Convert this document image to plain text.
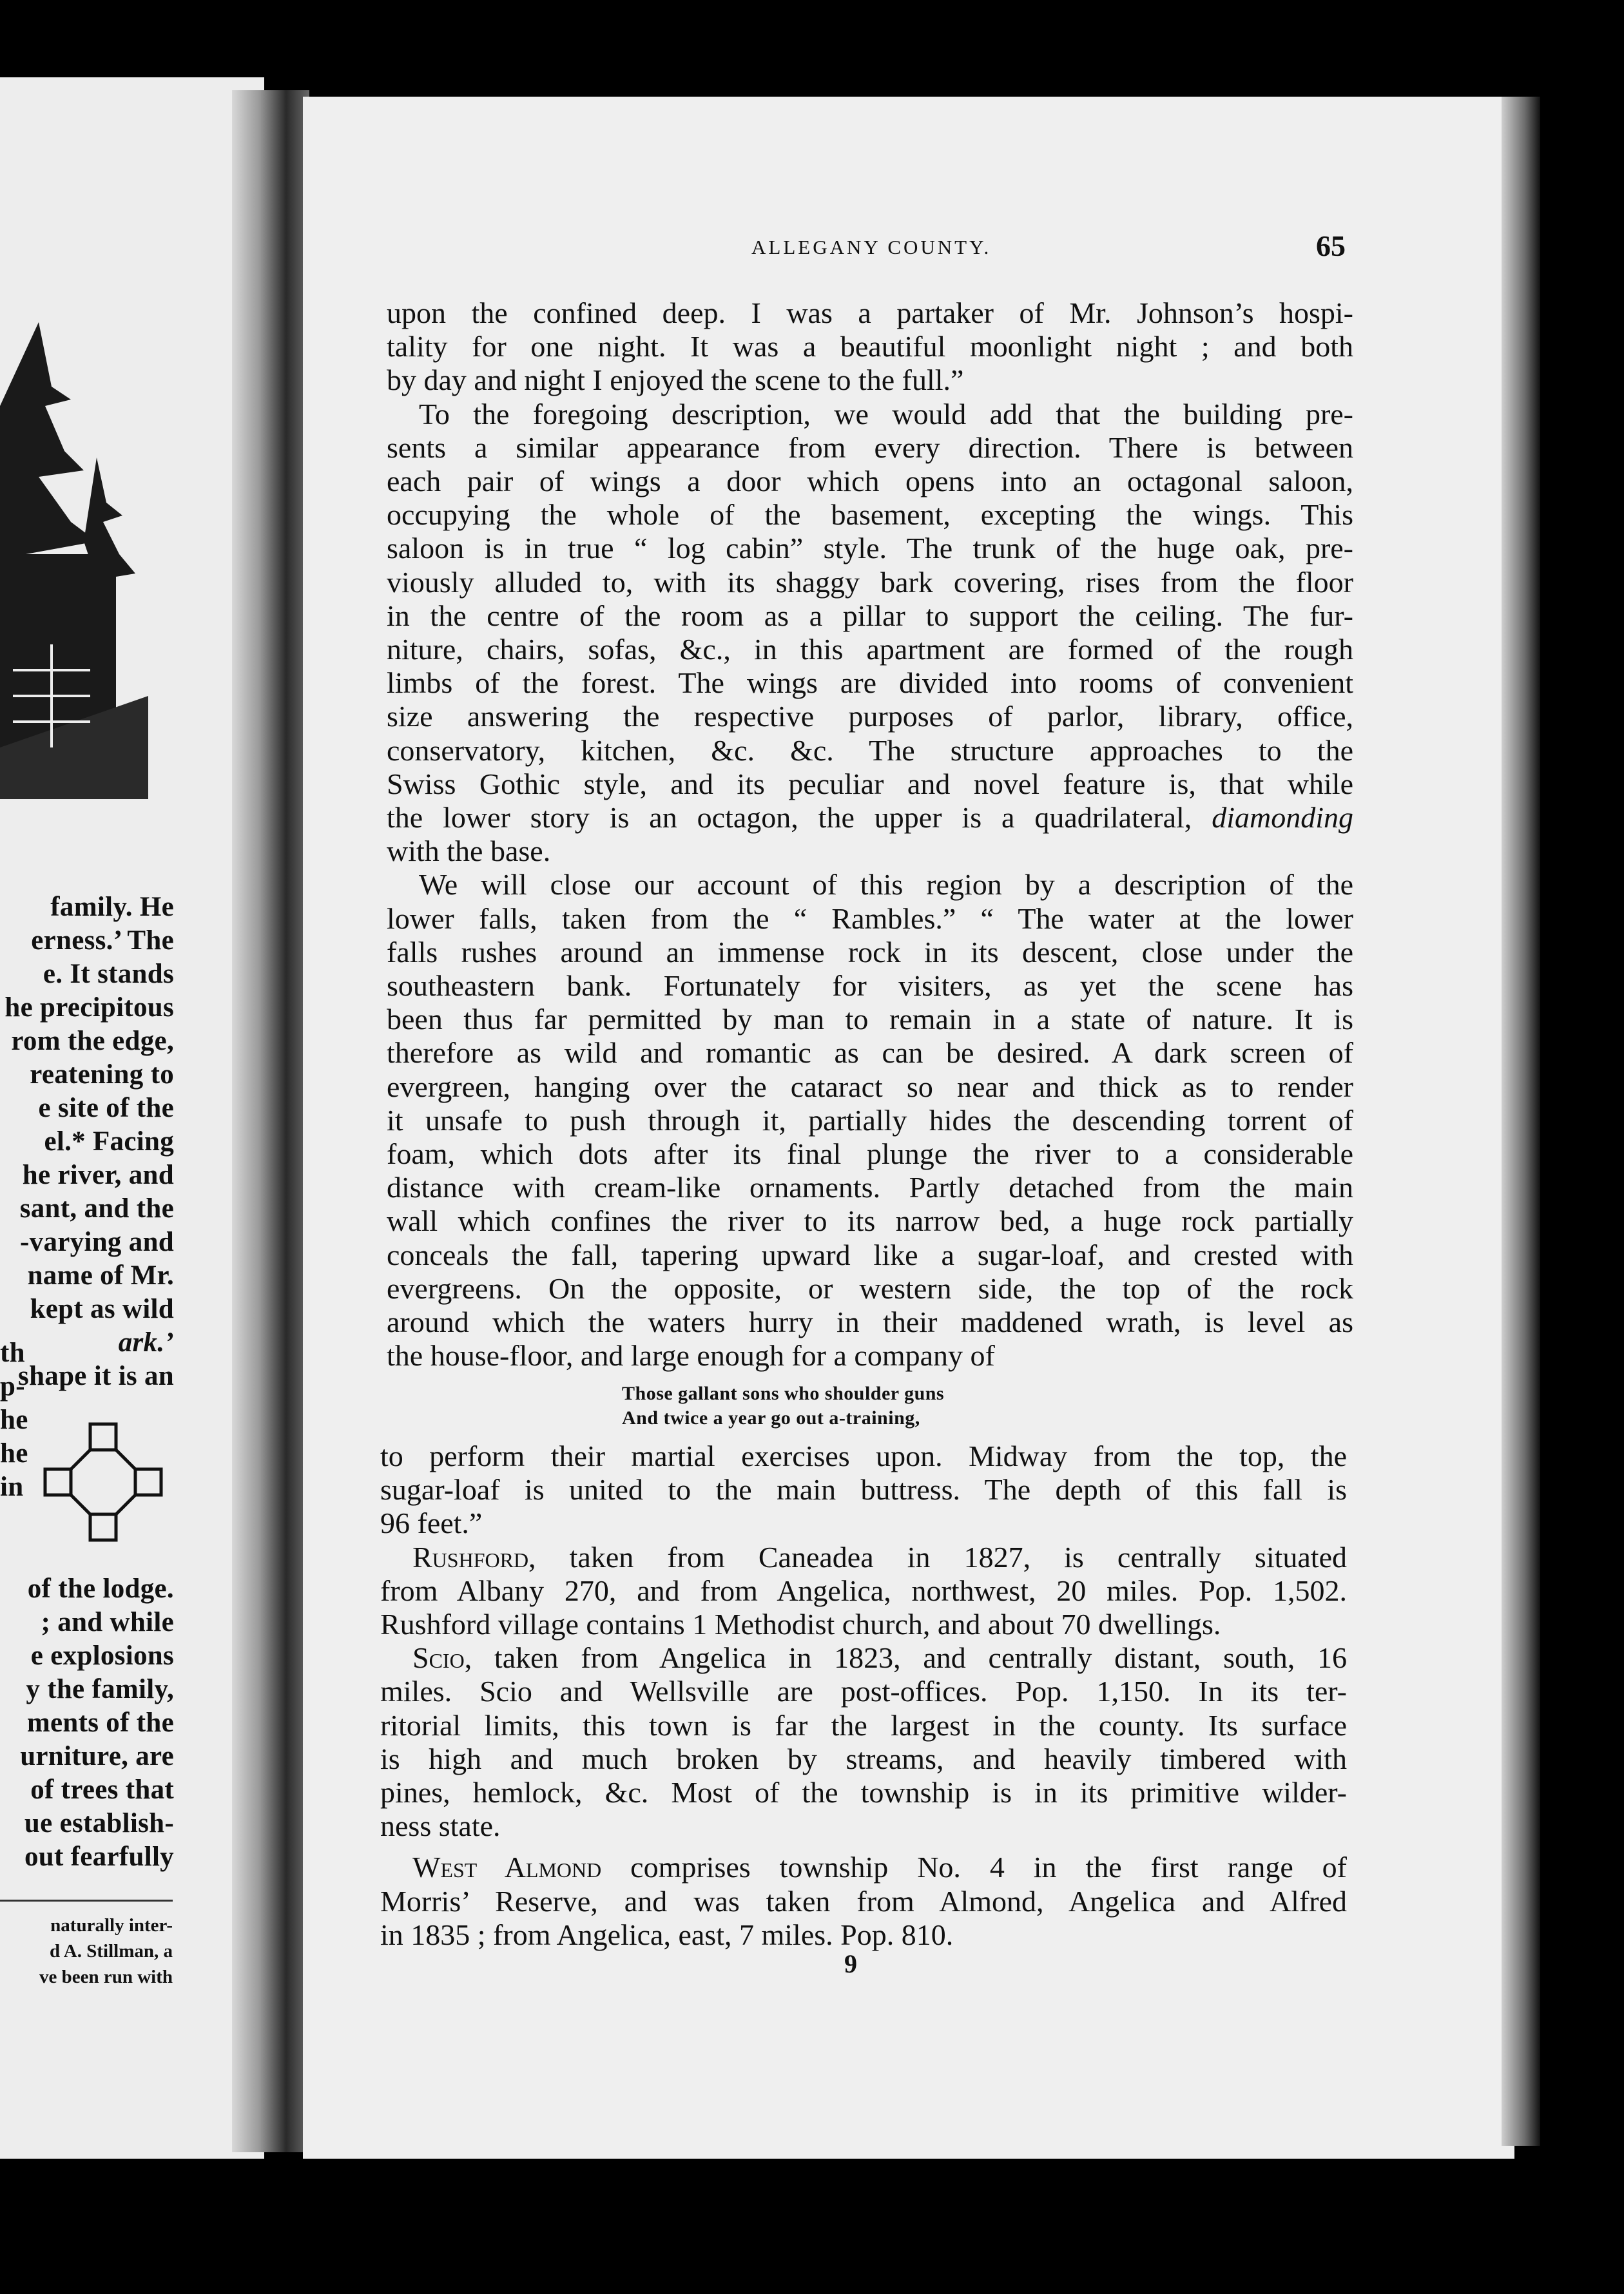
family. He
erness.’ The
e. It stands
he precipitous
rom the edge,
reatening to
e site of the
el.* Facing
he river, and
sant, and the
-varying and
name of Mr.
kept as wild
ark.’
shape it is an
th
p-
he
he
in
of the lodge.
; and while
e explosions
y the family,
ments of the
urniture, are
of trees that
ue establish-
out fearfully
naturally inter-
d A. Stillman, a
ve been run with
ALLEGANY COUNTY.	65

upon the confined deep. I was a partaker of Mr. Johnson’s hospi-
tality for one night. It was a beautiful moonlight night ; and both
by day and night I enjoyed the scene to the full.”

To the foregoing description, we would add that the building pre-
sents a similar appearance from every direction. There is between
each pair of wings a door which opens into an octagonal saloon,
occupying the whole of the basement, excepting the wings. This
saloon is in true “ log cabin” style. The trunk of the huge oak, pre-
viously alluded to, with its shaggy bark covering, rises from the floor
in the centre of the room as a pillar to support the ceiling. The fur-
niture, chairs, sofas, &c., in this apartment are formed of the rough
limbs of the forest. The wings are divided into rooms of convenient
size answering the respective purposes of parlor, library, office,
conservatory, kitchen, &c. &c. The structure approaches to the
Swiss Gothic style, and its peculiar and novel feature is, that while
the lower story is an octagon, the upper is a quadrilateral, diamonding
with the base.

We will close our account of this region by a description of the
lower falls, taken from the “ Rambles.” “ The water at the lower
falls rushes around an immense rock in its descent, close under the
southeastern bank. Fortunately for visiters, as yet the scene has
been thus far permitted by man to remain in a state of nature. It is
therefore as wild and romantic as can be desired. A dark screen of
evergreen, hanging over the cataract so near and thick as to render
it unsafe to push through it, partially hides the descending torrent of
foam, which dots after its final plunge the river to a considerable
distance with cream-like ornaments. Partly detached from the main
wall which confines the river to its narrow bed, a huge rock partially
conceals the fall, tapering upward like a sugar-loaf, and crested with
evergreens. On the opposite, or western side, the top of the rock
around which the waters hurry in their maddened wrath, is level as
the house-floor, and large enough for a company of

Those gallant sons who shoulder guns
And twice a year go out a-training,

to perform their martial exercises upon. Midway from the top, the
sugar-loaf is united to the main buttress. The depth of this fall is
96 feet.”

Rushford, taken from Caneadea in 1827, is centrally situated
from Albany 270, and from Angelica, northwest, 20 miles. Pop. 1,502.
Rushford village contains 1 Methodist church, and about 70 dwellings.

Scio, taken from Angelica in 1823, and centrally distant, south, 16
miles. Scio and Wellsville are post-offices. Pop. 1,150. In its ter-
ritorial limits, this town is far the largest in the county. Its surface
is high and much broken by streams, and heavily timbered with
pines, hemlock, &c. Most of the township is in its primitive wilder-
ness state.

West Almond comprises township No. 4 in the first range of
Morris’ Reserve, and was taken from Almond, Angelica and Alfred
in 1835 ; from Angelica, east, 7 miles. Pop. 810.

9
